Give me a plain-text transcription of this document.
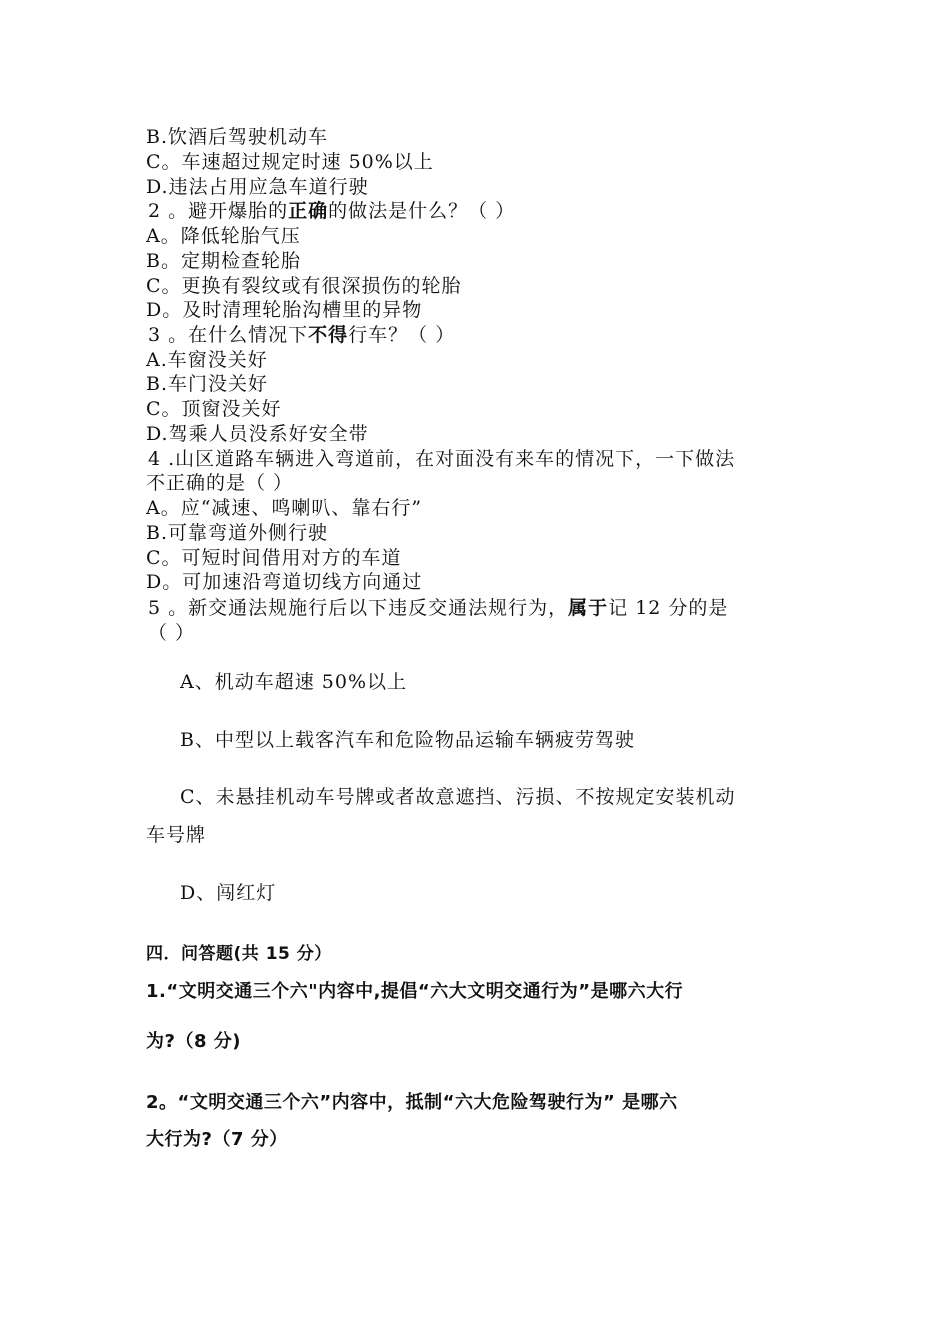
B.饮酒后驾驶机动车
C。车速超过规定时速 50%以上
D.违法占用应急车道行驶
2 。避开爆胎的正确的做法是什么？（ ）
A。降低轮胎气压
B。定期检查轮胎
C。更换有裂纹或有很深损伤的轮胎
D。及时清理轮胎沟槽里的异物
3 。在什么情况下不得行车？（ ）
A.车窗没关好
B.车门没关好
C。顶窗没关好
D.驾乘人员没系好安全带
4 .山区道路车辆进入弯道前，在对面没有来车的情况下，一下做法
不正确的是（ ）
A。应“减速、鸣喇叭、靠右行”
B.可靠弯道外侧行驶
C。可短时间借用对方的车道
D。可加速沿弯道切线方向通过
5 。新交通法规施行后以下违反交通法规行为，属于记 12 分的是
（ ）
A、机动车超速 50%以上
B、中型以上载客汽车和危险物品运输车辆疲劳驾驶
C、未悬挂机动车号牌或者故意遮挡、污损、不按规定安装机动
车号牌
D、闯红灯
四．问答题(共 15 分）
1.“文明交通三个六"内容中,提倡“六大文明交通行为”是哪六大行
为?（8 分)
2。“文明交通三个六”内容中，抵制“六大危险驾驶行为” 是哪六
大行为?（7 分）
